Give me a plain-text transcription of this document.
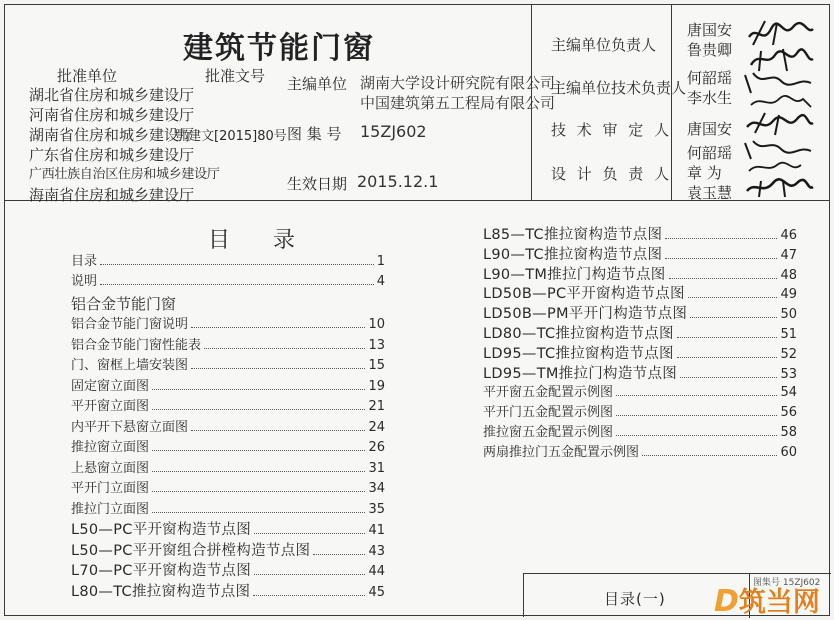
建筑节能门窗
批准单位
湖北省住房和城乡建设厅
河南省住房和城乡建设厅
湖南省住房和城乡建设厅
广东省住房和城乡建设厅
广西壮族自治区住房和城乡建设厅
海南省住房和城乡建设厅
批准文号
鄂建文[2015]80号
主编单位 湖南大学设计研究院有限公司
中国建筑第五工程局有限公司
图 集 号 15ZJ602
生效日期 2015.12.1
主编单位负责人
唐国安
鲁贵卿
主编单位技术负责人
何韶瑶
李水生
技 术 审 定 人 唐国安
设 计 负 责 人
何韶瑶
章 为
袁玉慧
目 录
目录	1
说明	4
铝合金节能门窗
铝合金节能门窗说明	10
铝合金节能门窗性能表	13
门、窗框上墙安装图	15
固定窗立面图	19
平开窗立面图	21
内平开下悬窗立面图	24
推拉窗立面图	26
上悬窗立面图	31
平开门立面图	34
推拉门立面图	35
L50—PC平开窗构造节点图	41
L50—PC平开窗组合拼樘构造节点图	43
L70—PC平开窗构造节点图	44
L80—TC推拉窗构造节点图	45
L85—TC推拉窗构造节点图	46
L90—TC推拉窗构造节点图	47
L90—TM推拉门构造节点图	48
LD50B—PC平开窗构造节点图	49
LD50B—PM平开门构造节点图	50
LD80—TC推拉窗构造节点图	51
LD95—TC推拉窗构造节点图	52
LD95—TM推拉门构造节点图	53
平开窗五金配置示例图	54
平开门五金配置示例图	56
推拉窗五金配置示例图	58
两扇推拉门五金配置示例图	60
目录(一)
图集号 15ZJ602
D筑当网
